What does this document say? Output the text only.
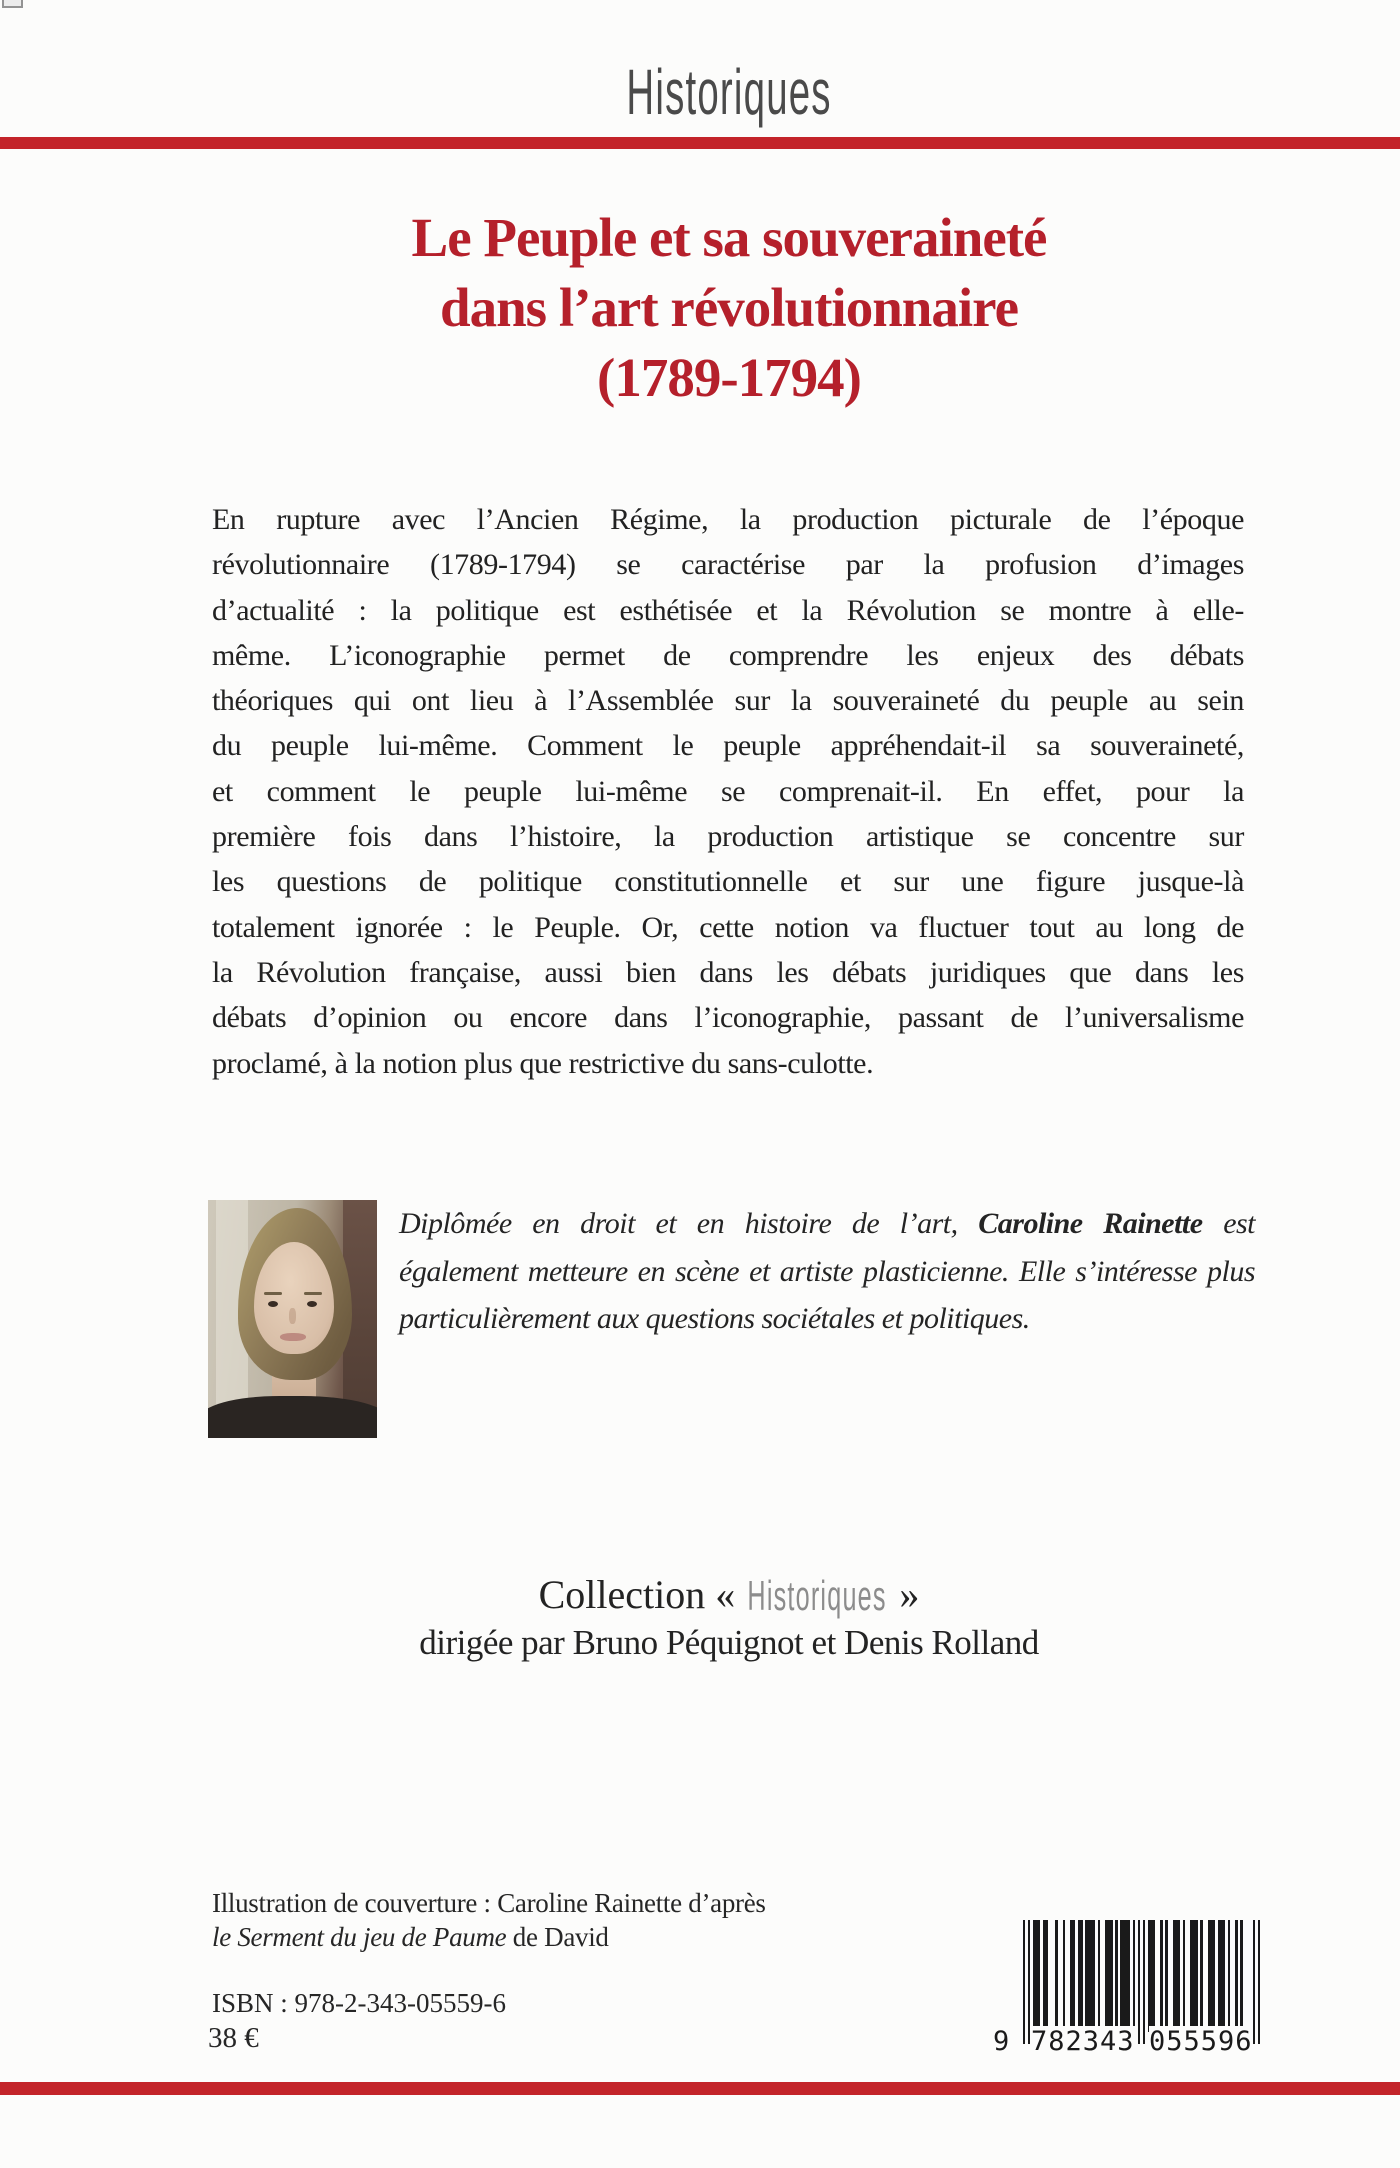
Historiques
Le Peuple et sa souveraineté
dans l’art révolutionnaire
(1789-1794)
En rupture avec l’Ancien Régime, la production picturale de l’époque
révolutionnaire (1789-1794) se caractérise par la profusion d’images
d’actualité : la politique est esthétisée et la Révolution se montre à elle-
même. L’iconographie permet de comprendre les enjeux des débats
théoriques qui ont lieu à l’Assemblée sur la souveraineté du peuple au sein
du peuple lui-même. Comment le peuple appréhendait-il sa souveraineté,
et comment le peuple lui-même se comprenait-il. En effet, pour la
première fois dans l’histoire, la production artistique se concentre sur
les questions de politique constitutionnelle et sur une figure jusque-là
totalement ignorée : le Peuple. Or, cette notion va fluctuer tout au long de
la Révolution française, aussi bien dans les débats juridiques que dans les
débats d’opinion ou encore dans l’iconographie, passant de l’universalisme
proclamé, à la notion plus que restrictive du sans-culotte.
Diplômée en droit et en histoire de l’art, Caroline Rainette est
également metteure en scène et artiste plasticienne. Elle s’intéresse plus
particulièrement aux questions sociétales et politiques.
Collection « Historiques »
dirigée par Bruno Péquignot et Denis Rolland
Illustration de couverture : Caroline Rainette d’après
le Serment du jeu de Paume de David
ISBN : 978-2-343-05559-6
38 €	9 782343 055596
